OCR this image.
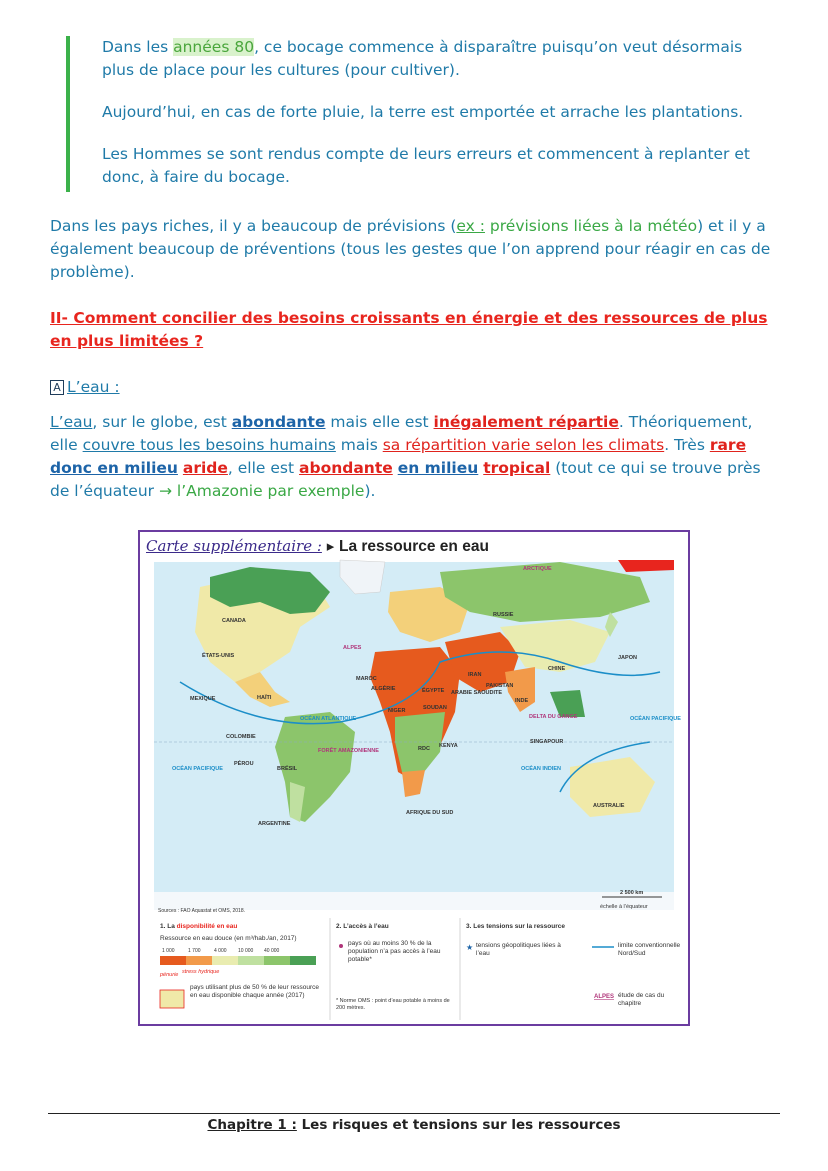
Dans les années 80, ce bocage commence à disparaître puisqu’on veut désormais plus de place pour les cultures (pour cultiver).

Aujourd’hui, en cas de forte pluie, la terre est emportée et arrache les plantations.

Les Hommes se sont rendus compte de leurs erreurs et commencent à replanter et donc, à faire du bocage.

Dans les pays riches, il y a beaucoup de prévisions (ex : prévisions liées à la météo) et il y a également beaucoup de préventions (tous les gestes que l’on apprend pour réagir en cas de problème).

II- Comment concilier des besoins croissants en énergie et des ressources de plus en plus limitées ?

A L’eau :

L’eau, sur le globe, est abondante mais elle est inégalement répartie. Théoriquement, elle couvre tous les besoins humains mais sa répartition varie selon les climats. Très rare donc en milieu aride, elle est abondante en milieu tropical (tout ce qui se trouve près de l’équateur → l’Amazonie par exemple).

Carte supplémentaire : ▸ La ressource en eau
ARCTIQUE
RUSSIE
CANADA
ÉTATS-UNIS	JAPON
CHINE
ALPES
MAROC
ALGÉRIE	ÉGYPTE
IRAN
PAKISTAN
ARABIE SAOUDITE
INDE
MEXIQUE	HAÏTI
NIGER	SOUDAN
OCÉAN ATLANTIQUE	DELTA DU GANGE	OCÉAN PACIFIQUE
COLOMBIE
SINGAPOUR
FORÊT AMAZONIENNE	RDC KENYA
OCÉAN PACIFIQUE
PÉROU
BRÉSIL	OCÉAN INDIEN
AUSTRALIE
ARGENTINE
AFRIQUE DU SUD
2 500 km
échelle à l’équateur
Sources : FAO Aquastat et OMS, 2018.
1. La disponibilité en eau
Ressource en eau douce (en m³/hab./an, 2017)
1 000	1 700	4 000 10 000 40 000
pénurie stress hydrique
pays utilisant plus de 50 % de leur ressource en eau disponible chaque année (2017)
2. L’accès à l’eau
pays où au moins 30 % de la population n’a pas accès à l’eau potable*
* Norme OMS : point d’eau potable à moins de 200 mètres.
3. Les tensions sur la ressource
★ tensions géopolitiques liées à l’eau
limite conventionnelle Nord/Sud
ALPES étude de cas du chapitre
Chapitre 1 : Les risques et tensions sur les ressources
